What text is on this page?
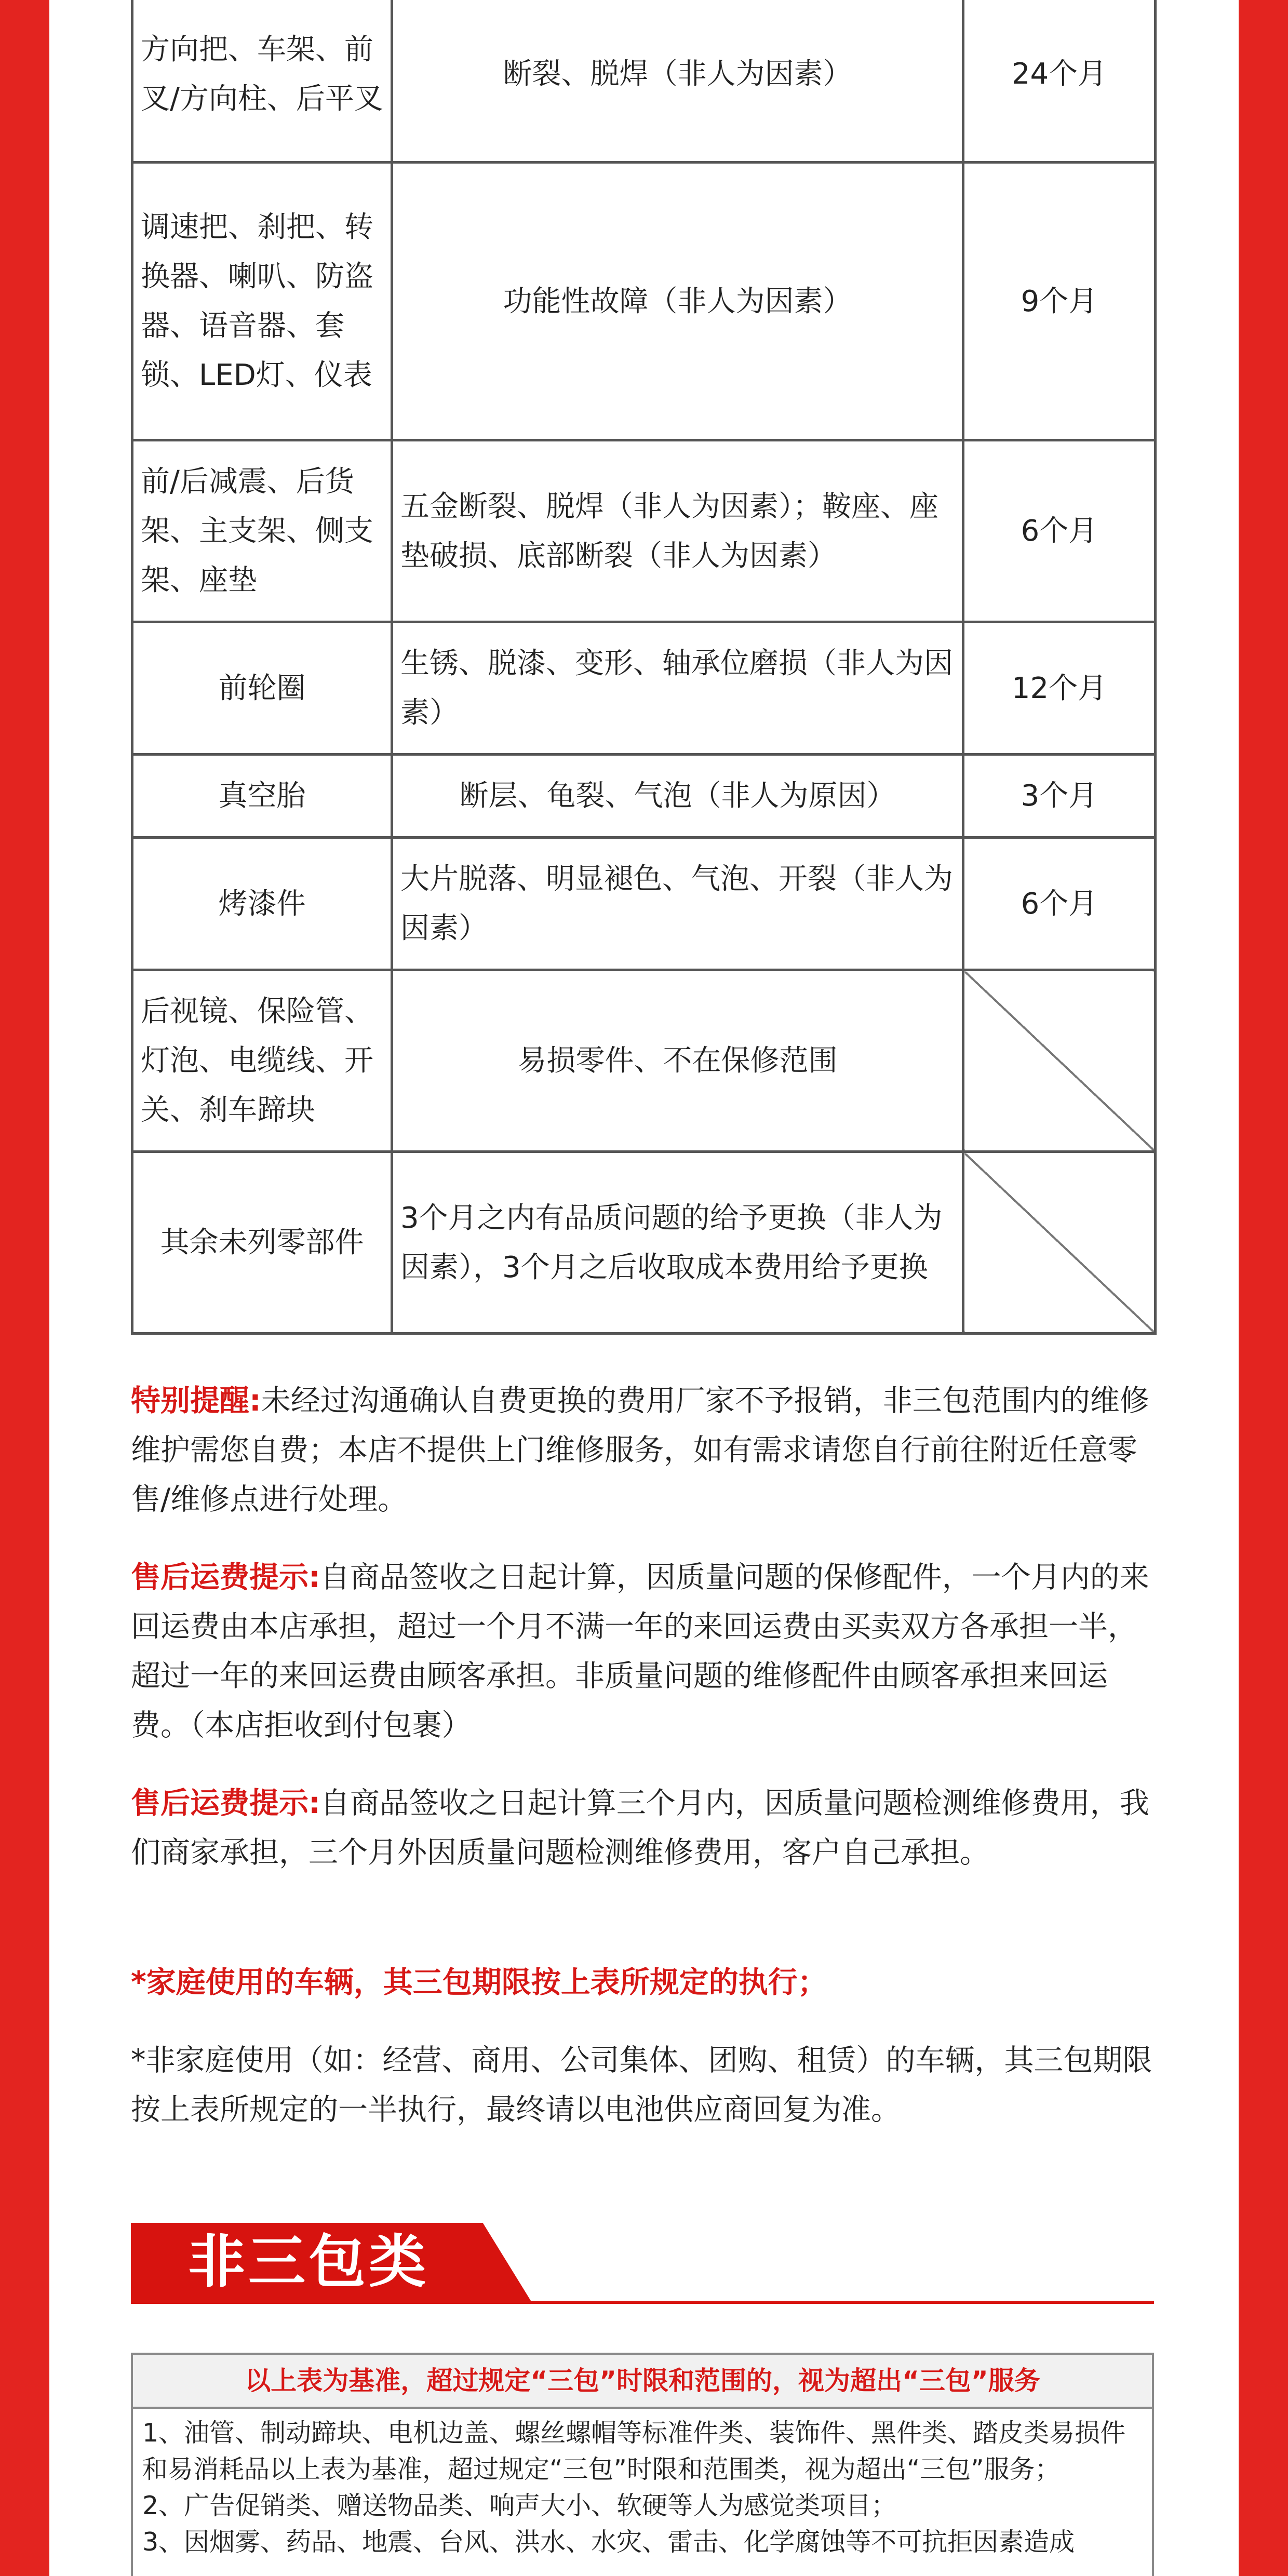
方向把、车架、前叉/方向柱、后平叉	断裂、脱焊（非人为因素）	24个月
调速把、刹把、转换器、喇叭、防盗器、语音器、套锁、LED灯、仪表	功能性故障（非人为因素）	9个月
前/后减震、后货架、主支架、侧支架、座垫	五金断裂、脱焊（非人为因素）；鞍座、座垫破损、底部断裂（非人为因素）	6个月
前轮圈	生锈、脱漆、变形、轴承位磨损（非人为因素）	12个月
真空胎	断层、龟裂、气泡（非人为原因）	3个月
烤漆件	大片脱落、明显褪色、气泡、开裂（非人为因素）	6个月
后视镜、保险管、灯泡、电缆线、开关、刹车蹄块	易损零件、不在保修范围	
其余未列零部件	3个月之内有品质问题的给予更换（非人为因素），3个月之后收取成本费用给予更换	

特别提醒:未经过沟通确认自费更换的费用厂家不予报销，非三包范围内的维修维护需您自费；本店不提供上门维修服务，如有需求请您自行前往附近任意零售/维修点进行处理。

售后运费提示:自商品签收之日起计算，因质量问题的保修配件，一个月内的来回运费由本店承担，超过一个月不满一年的来回运费由买卖双方各承担一半，超过一年的来回运费由顾客承担。非质量问题的维修配件由顾客承担来回运费。（本店拒收到付包裹）

售后运费提示:自商品签收之日起计算三个月内，因质量问题检测维修费用，我们商家承担，三个月外因质量问题检测维修费用，客户自己承担。

*家庭使用的车辆，其三包期限按上表所规定的执行；

*非家庭使用（如：经营、商用、公司集体、团购、租赁）的车辆，其三包期限按上表所规定的一半执行，最终请以电池供应商回复为准。

非三包类
以上表为基准，超过规定“三包”时限和范围的，视为超出“三包”服务

1、油管、制动蹄块、电机边盖、螺丝螺帽等标准件类、装饰件、黑件类、踏皮类易损件和易消耗品以上表为基准，超过规定“三包”时限和范围类，视为超出“三包”服务；

2、广告促销类、赠送物品类、响声大小、软硬等人为感觉类项目；

3、因烟雾、药品、地震、台风、洪水、水灾、雷击、化学腐蚀等不可抗拒因素造成
